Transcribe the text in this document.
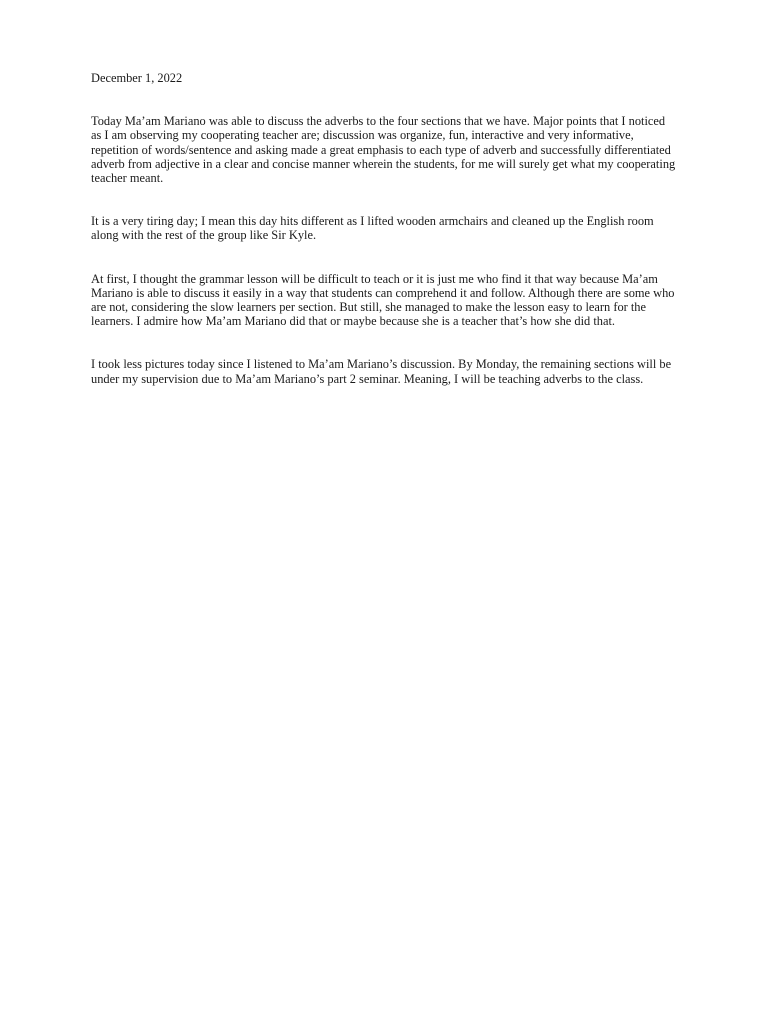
December 1, 2022

Today Ma’am Mariano was able to discuss the adverbs to the four sections that we have. Major points that I noticed as I am observing my cooperating teacher are; discussion was organize, fun, interactive and very informative, repetition of words/sentence and asking made a great emphasis to each type of adverb and successfully differentiated adverb from adjective in a clear and concise manner wherein the students, for me will surely get what my cooperating teacher meant.

It is a very tiring day; I mean this day hits different as I lifted wooden armchairs and cleaned up the English room along with the rest of the group like Sir Kyle.

At first, I thought the grammar lesson will be difficult to teach or it is just me who find it that way because Ma’am Mariano is able to discuss it easily in a way that students can comprehend it and follow. Although there are some who are not, considering the slow learners per section. But still, she managed to make the lesson easy to learn for the learners. I admire how Ma’am Mariano did that or maybe because she is a teacher that’s how she did that.

I took less pictures today since I listened to Ma’am Mariano’s discussion. By Monday, the remaining sections will be under my supervision due to Ma’am Mariano’s part 2 seminar. Meaning, I will be teaching adverbs to the class.
